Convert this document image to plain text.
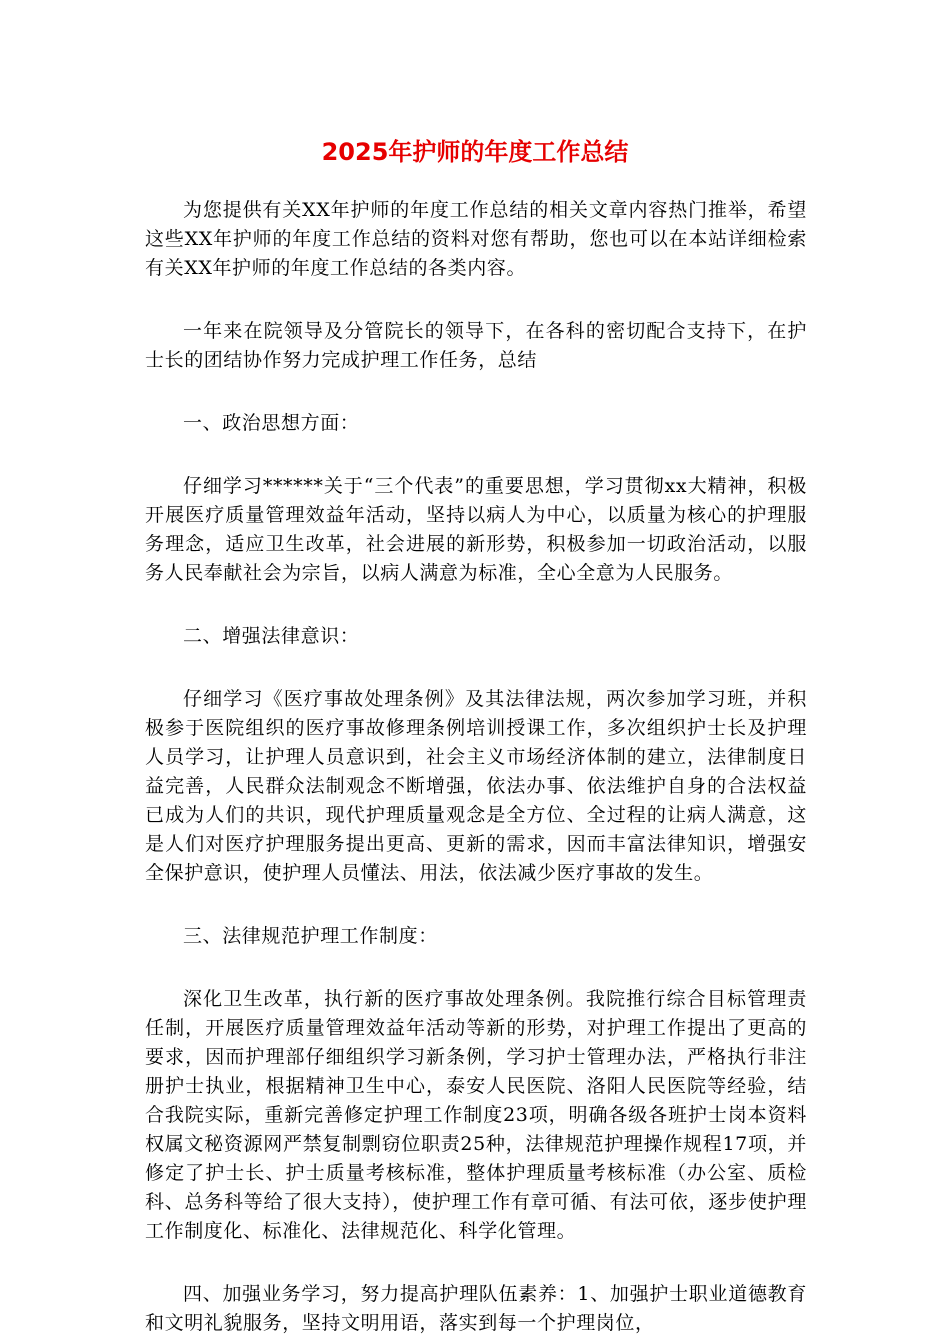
2025年护师的年度工作总结

为您提供有关XX年护师的年度工作总结的相关文章内容热门推举，希望这些XX年护师的年度工作总结的资料对您有帮助，您也可以在本站详细检索有关XX年护师的年度工作总结的各类内容。

一年来在院领导及分管院长的领导下，在各科的密切配合支持下，在护士长的团结协作努力完成护理工作任务，总结

一、政治思想方面：

仔细学习******关于“三个代表”的重要思想，学习贯彻xx大精神，积极开展医疗质量管理效益年活动，坚持以病人为中心，以质量为核心的护理服务理念，适应卫生改革，社会进展的新形势，积极参加一切政治活动，以服务人民奉献社会为宗旨，以病人满意为标准，全心全意为人民服务。

二、增强法律意识：

仔细学习《医疗事故处理条例》及其法律法规，两次参加学习班，并积极参于医院组织的医疗事故修理条例培训授课工作，多次组织护士长及护理人员学习，让护理人员意识到，社会主义市场经济体制的建立，法律制度日益完善，人民群众法制观念不断增强，依法办事、依法维护自身的合法权益已成为人们的共识，现代护理质量观念是全方位、全过程的让病人满意，这是人们对医疗护理服务提出更高、更新的需求，因而丰富法律知识，增强安全保护意识，使护理人员懂法、用法，依法减少医疗事故的发生。

三、法律规范护理工作制度：

深化卫生改革，执行新的医疗事故处理条例。我院推行综合目标管理责任制，开展医疗质量管理效益年活动等新的形势，对护理工作提出了更高的要求，因而护理部仔细组织学习新条例，学习护士管理办法，严格执行非注册护士执业，根据精神卫生中心，泰安人民医院、洛阳人民医院等经验，结合我院实际，重新完善修定护理工作制度23项，明确各级各班护士岗本资料权属文秘资源网严禁复制剽窃位职责25种，法律规范护理操作规程17项，并修定了护士长、护士质量考核标准，整体护理质量考核标准（办公室、质检科、总务科等给了很大支持），使护理工作有章可循、有法可依，逐步使护理工作制度化、标准化、法律规范化、科学化管理。

四、加强业务学习，努力提高护理队伍素养：1、加强护士职业道德教育和文明礼貌服务，坚持文明用语，落实到每一个护理岗位，
